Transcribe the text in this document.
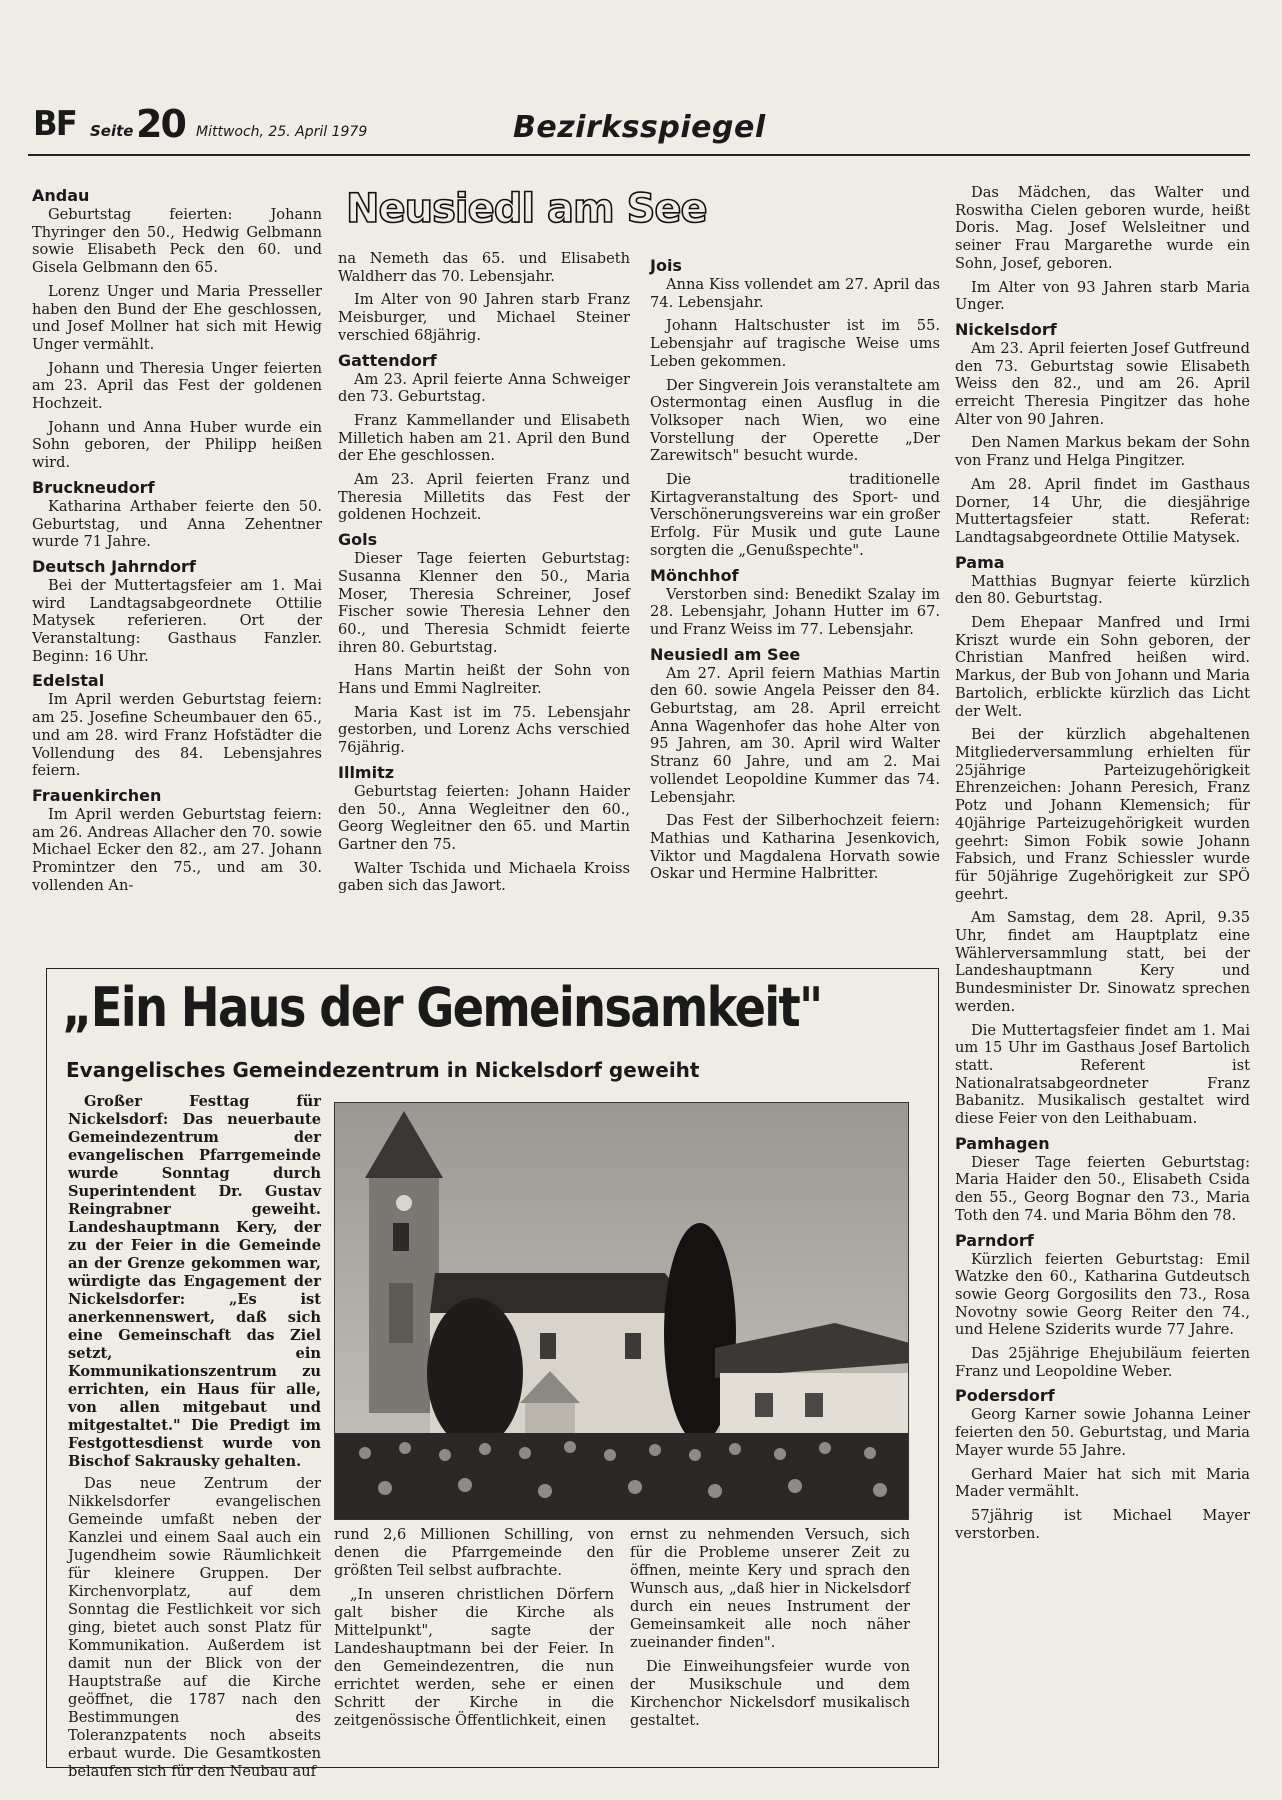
BF Seite 20 Mittwoch, 25. April 1979	Bezirksspiegel
Neusiedl am See
Andau

Geburtstag feierten: Johann Thyringer den 50., Hedwig Gelbmann sowie Elisabeth Peck den 60. und Gisela Gelbmann den 65.

Lorenz Unger und Maria Presseller haben den Bund der Ehe geschlossen, und Josef Mollner hat sich mit Hewig Unger vermählt.

Johann und Theresia Unger feierten am 23. April das Fest der goldenen Hochzeit.

Johann und Anna Huber wurde ein Sohn geboren, der Philipp heißen wird.

Bruckneudorf

Katharina Arthaber feierte den 50. Geburtstag, und Anna Zehentner wurde 71 Jahre.

Deutsch Jahrndorf

Bei der Muttertagsfeier am 1. Mai wird Landtagsabgeordnete Ottilie Matysek referieren. Ort der Veranstaltung: Gasthaus Fanzler. Beginn: 16 Uhr.

Edelstal

Im April werden Geburtstag feiern: am 25. Josefine Scheumbauer den 65., und am 28. wird Franz Hofstädter die Vollendung des 84. Lebensjahres feiern.

Frauenkirchen

Im April werden Geburtstag feiern: am 26. Andreas Allacher den 70. sowie Michael Ecker den 82., am 27. Johann Promintzer den 75., und am 30. vollenden An-

na Nemeth das 65. und Elisabeth Waldherr das 70. Lebensjahr.

Im Alter von 90 Jahren starb Franz Meisburger, und Michael Steiner verschied 68jährig.

Gattendorf

Am 23. April feierte Anna Schweiger den 73. Geburtstag.

Franz Kammellander und Elisabeth Milletich haben am 21. April den Bund der Ehe geschlossen.

Am 23. April feierten Franz und Theresia Milletits das Fest der goldenen Hochzeit.

Gols

Dieser Tage feierten Geburtstag: Susanna Klenner den 50., Maria Moser, Theresia Schreiner, Josef Fischer sowie Theresia Lehner den 60., und Theresia Schmidt feierte ihren 80. Geburtstag.

Hans Martin heißt der Sohn von Hans und Emmi Naglreiter.

Maria Kast ist im 75. Lebensjahr gestorben, und Lorenz Achs verschied 76jährig.

Illmitz

Geburtstag feierten: Johann Haider den 50., Anna Wegleitner den 60., Georg Wegleitner den 65. und Martin Gartner den 75.

Walter Tschida und Michaela Kroiss gaben sich das Jawort.

Jois

Anna Kiss vollendet am 27. April das 74. Lebensjahr.

Johann Haltschuster ist im 55. Lebensjahr auf tragische Weise ums Leben gekommen.

Der Singverein Jois veranstaltete am Ostermontag einen Ausflug in die Volksoper nach Wien, wo eine Vorstellung der Operette „Der Zarewitsch" besucht wurde.

Die traditionelle Kirtagveranstaltung des Sport- und Verschönerungsvereins war ein großer Erfolg. Für Musik und gute Laune sorgten die „Genußspechte".

Mönchhof

Verstorben sind: Benedikt Szalay im 28. Lebensjahr, Johann Hutter im 67. und Franz Weiss im 77. Lebensjahr.

Neusiedl am See

Am 27. April feiern Mathias Martin den 60. sowie Angela Peisser den 84. Geburtstag, am 28. April erreicht Anna Wagenhofer das hohe Alter von 95 Jahren, am 30. April wird Walter Stranz 60 Jahre, und am 2. Mai vollendet Leopoldine Kummer das 74. Lebensjahr.

Das Fest der Silberhochzeit feiern: Mathias und Katharina Jesenkovich, Viktor und Magdalena Horvath sowie Oskar und Hermine Halbritter.

Das Mädchen, das Walter und Roswitha Cielen geboren wurde, heißt Doris. Mag. Josef Welsleitner und seiner Frau Margarethe wurde ein Sohn, Josef, geboren.

Im Alter von 93 Jahren starb Maria Unger.

Nickelsdorf

Am 23. April feierten Josef Gutfreund den 73. Geburtstag sowie Elisabeth Weiss den 82., und am 26. April erreicht Theresia Pingitzer das hohe Alter von 90 Jahren.

Den Namen Markus bekam der Sohn von Franz und Helga Pingitzer.

Am 28. April findet im Gasthaus Dorner, 14 Uhr, die diesjährige Muttertagsfeier statt. Referat: Landtagsabgeordnete Ottilie Matysek.

Pama

Matthias Bugnyar feierte kürzlich den 80. Geburtstag.

Dem Ehepaar Manfred und Irmi Kriszt wurde ein Sohn geboren, der Christian Manfred heißen wird. Markus, der Bub von Johann und Maria Bartolich, erblickte kürzlich das Licht der Welt.

Bei der kürzlich abgehaltenen Mitgliederversammlung erhielten für 25jährige Parteizugehörigkeit Ehrenzeichen: Johann Peresich, Franz Potz und Johann Klemensich; für 40jährige Parteizugehörigkeit wurden geehrt: Simon Fobik sowie Johann Fabsich, und Franz Schiessler wurde für 50jährige Zugehörigkeit zur SPÖ geehrt.

Am Samstag, dem 28. April, 9.35 Uhr, findet am Hauptplatz eine Wählerversammlung statt, bei der Landeshauptmann Kery und Bundesminister Dr. Sinowatz sprechen werden.

Die Muttertagsfeier findet am 1. Mai um 15 Uhr im Gasthaus Josef Bartolich statt. Referent ist Nationalratsabgeordneter Franz Babanitz. Musikalisch gestaltet wird diese Feier von den Leithabuam.

Pamhagen

Dieser Tage feierten Geburtstag: Maria Haider den 50., Elisabeth Csida den 55., Georg Bognar den 73., Maria Toth den 74. und Maria Böhm den 78.

Parndorf

Kürzlich feierten Geburtstag: Emil Watzke den 60., Katharina Gutdeutsch sowie Georg Gorgosilits den 73., Rosa Novotny sowie Georg Reiter den 74., und Helene Sziderits wurde 77 Jahre.

Das 25jährige Ehejubiläum feierten Franz und Leopoldine Weber.

Podersdorf

Georg Karner sowie Johanna Leiner feierten den 50. Geburtstag, und Maria Mayer wurde 55 Jahre.

Gerhard Maier hat sich mit Maria Mader vermählt.

57jährig ist Michael Mayer verstorben.

„Ein Haus der Gemeinsamkeit"
Evangelisches Gemeindezentrum in Nickelsdorf geweiht

Großer Festtag für Nickelsdorf: Das neuerbaute Gemeindezentrum der evangelischen Pfarrgemeinde wurde Sonntag durch Superintendent Dr. Gustav Reingrabner geweiht. Landeshauptmann Kery, der zu der Feier in die Gemeinde an der Grenze gekommen war, würdigte das Engagement der Nickelsdorfer: „Es ist anerkennenswert, daß sich eine Gemeinschaft das Ziel setzt, ein Kommunikationszentrum zu errichten, ein Haus für alle, von allen mitgebaut und mitgestaltet." Die Predigt im Festgottesdienst wurde von Bischof Sakrausky gehalten.

Das neue Zentrum der Nikkelsdorfer evangelischen Gemeinde umfaßt neben der Kanzlei und einem Saal auch ein Jugendheim sowie Räumlichkeit für kleinere Gruppen. Der Kirchenvorplatz, auf dem Sonntag die Festlichkeit vor sich ging, bietet auch sonst Platz für Kommunikation. Außerdem ist damit nun der Blick von der Hauptstraße auf die Kirche geöffnet, die 1787 nach den Bestimmungen des Toleranzpatents noch abseits erbaut wurde. Die Gesamtkosten belaufen sich für den Neubau auf

rund 2,6 Millionen Schilling, von denen die Pfarrgemeinde den größten Teil selbst aufbrachte.

„In unseren christlichen Dörfern galt bisher die Kirche als Mittelpunkt", sagte der Landeshauptmann bei der Feier. In den Gemeindezentren, die nun errichtet werden, sehe er einen Schritt der Kirche in die zeitgenössische Öffentlichkeit, einen

ernst zu nehmenden Versuch, sich für die Probleme unserer Zeit zu öffnen, meinte Kery und sprach den Wunsch aus, „daß hier in Nickelsdorf durch ein neues Instrument der Gemeinsamkeit alle noch näher zueinander finden".

Die Einweihungsfeier wurde von der Musikschule und dem Kirchenchor Nickelsdorf musikalisch gestaltet.
